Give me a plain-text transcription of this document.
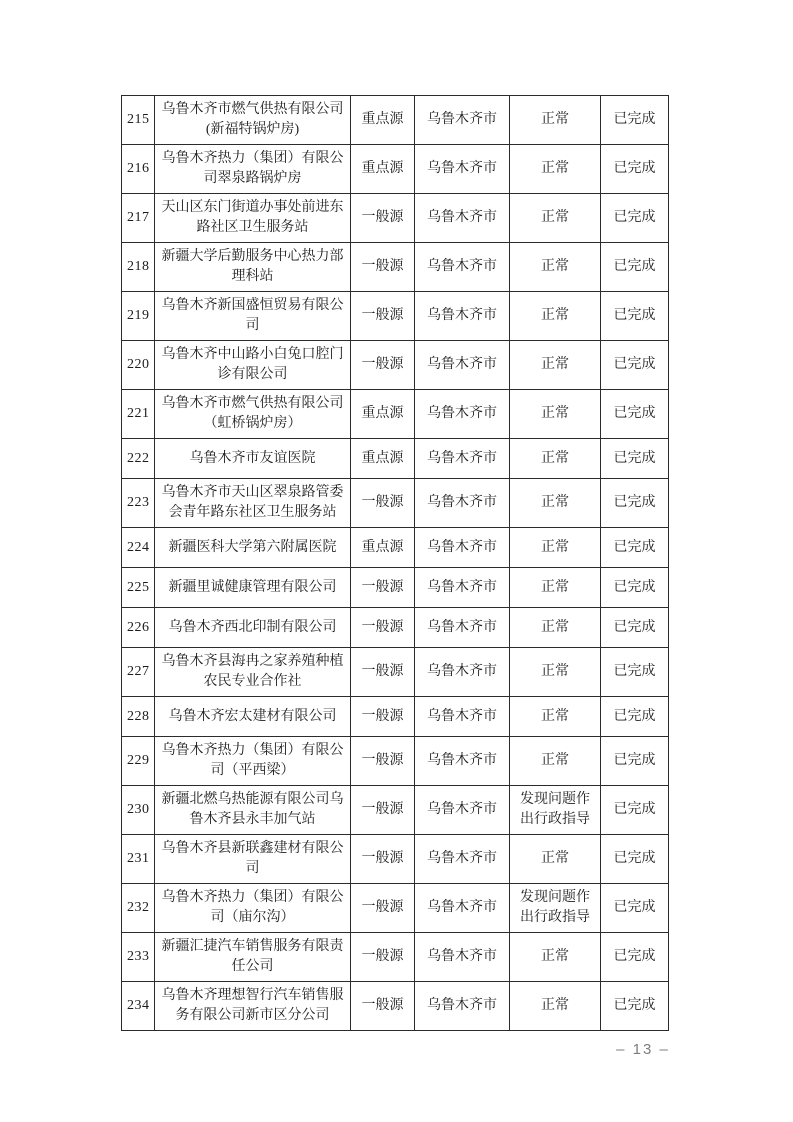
215	乌鲁木齐市燃气供热有限公司(新福特锅炉房)	重点源	乌鲁木齐市	正常	已完成
216	乌鲁木齐热力（集团）有限公司翠泉路锅炉房	重点源	乌鲁木齐市	正常	已完成
217	天山区东门街道办事处前进东路社区卫生服务站	一般源	乌鲁木齐市	正常	已完成
218	新疆大学后勤服务中心热力部理科站	一般源	乌鲁木齐市	正常	已完成
219	乌鲁木齐新国盛恒贸易有限公司	一般源	乌鲁木齐市	正常	已完成
220	乌鲁木齐中山路小白兔口腔门诊有限公司	一般源	乌鲁木齐市	正常	已完成
221	乌鲁木齐市燃气供热有限公司（虹桥锅炉房）	重点源	乌鲁木齐市	正常	已完成
222	乌鲁木齐市友谊医院	重点源	乌鲁木齐市	正常	已完成
223	乌鲁木齐市天山区翠泉路管委会青年路东社区卫生服务站	一般源	乌鲁木齐市	正常	已完成
224	新疆医科大学第六附属医院	重点源	乌鲁木齐市	正常	已完成
225	新疆里诚健康管理有限公司	一般源	乌鲁木齐市	正常	已完成
226	乌鲁木齐西北印制有限公司	一般源	乌鲁木齐市	正常	已完成
227	乌鲁木齐县海冉之家养殖种植农民专业合作社	一般源	乌鲁木齐市	正常	已完成
228	乌鲁木齐宏太建材有限公司	一般源	乌鲁木齐市	正常	已完成
229	乌鲁木齐热力（集团）有限公司（平西梁）	一般源	乌鲁木齐市	正常	已完成
230	新疆北燃乌热能源有限公司乌鲁木齐县永丰加气站	一般源	乌鲁木齐市	发现问题作出行政指导	已完成
231	乌鲁木齐县新联鑫建材有限公司	一般源	乌鲁木齐市	正常	已完成
232	乌鲁木齐热力（集团）有限公司（庙尔沟）	一般源	乌鲁木齐市	发现问题作出行政指导	已完成
233	新疆汇捷汽车销售服务有限责任公司	一般源	乌鲁木齐市	正常	已完成
234	乌鲁木齐理想智行汽车销售服务有限公司新市区分公司	一般源	乌鲁木齐市	正常	已完成
– 13 –
